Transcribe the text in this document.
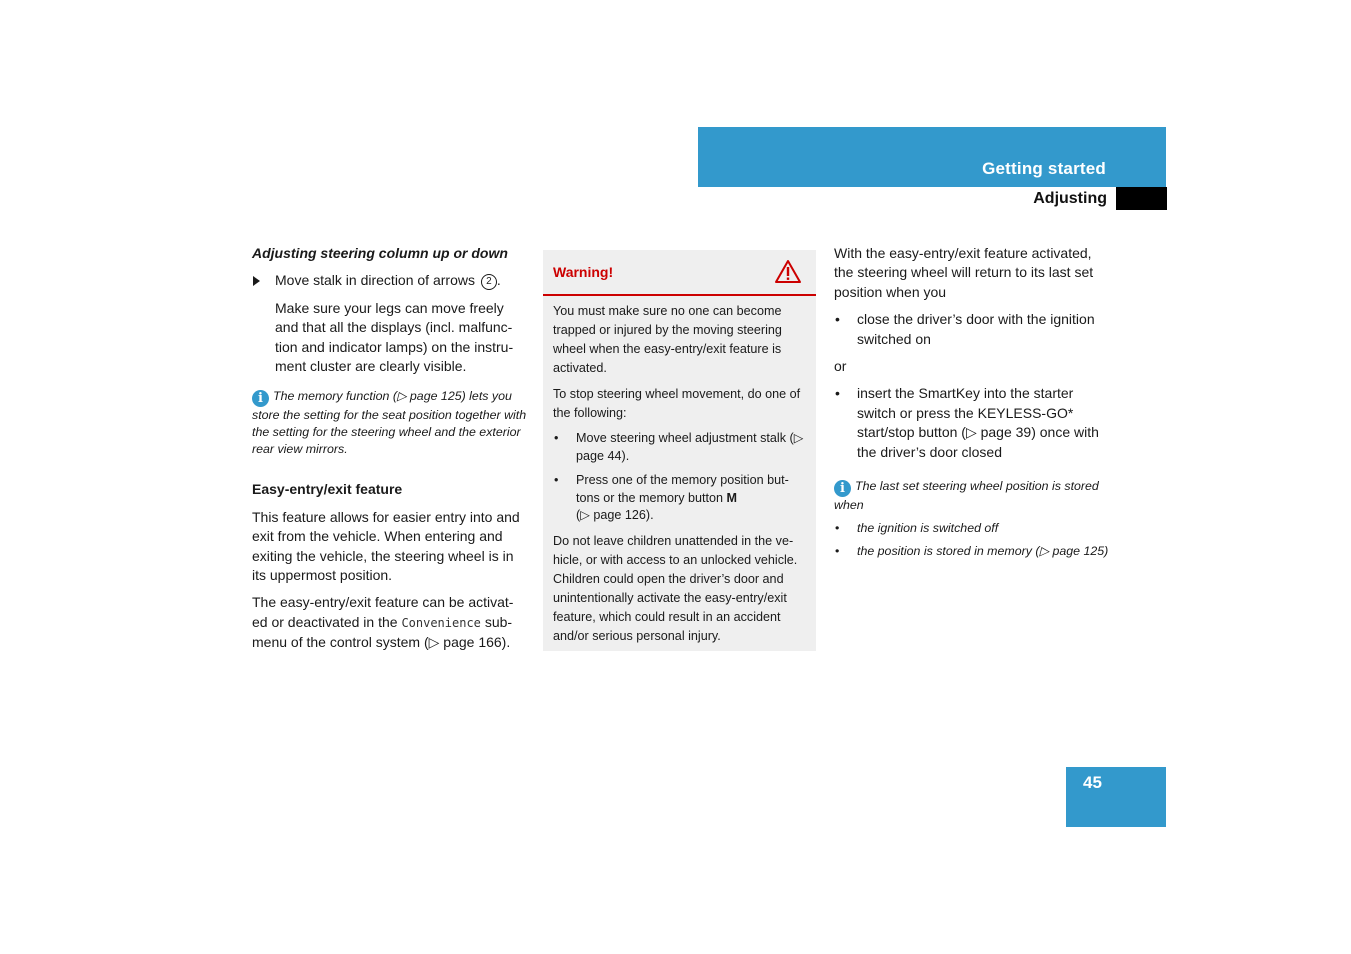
Getting started
Adjusting
Adjusting steering column up or down
Move stalk in direction of arrows 2 .

Make sure your legs can move freely and that all the displays (incl. malfunc-tion and indicator lamps) on the instru-ment cluster are clearly visible.

i The memory function (▷ page 125) lets you store the setting for the seat position together with the setting for the steering wheel and the exterior rear view mirrors.
Easy-entry/exit feature

This feature allows for easier entry into and exit from the vehicle. When entering and exiting the vehicle, the steering wheel is in its uppermost position.

The easy-entry/exit feature can be activat-ed or deactivated in the Convenience sub-menu of the control system (▷ page 166).

Warning!

You must make sure no one can become trapped or injured by the moving steering wheel when the easy-entry/exit feature is activated.

To stop steering wheel movement, do one of the following:

• Move steering wheel adjustment stalk (▷ page 44).
• Press one of the memory position but-tons or the memory button M
(▷ page 126).

Do not leave children unattended in the ve-hicle, or with access to an unlocked vehicle. Children could open the driver’s door and unintentionally activate the easy-entry/exit feature, which could result in an accident and/or serious personal injury.

With the easy-entry/exit feature activated, the steering wheel will return to its last set position when you

• close the driver’s door with the ignition switched on

or

• insert the SmartKey into the starter switch or press the KEYLESS-GO* start/stop button (▷ page 39) once with the driver’s door closed
i The last set steering wheel position is stored when
• the ignition is switched off
• the position is stored in memory (▷ page 125)
45
